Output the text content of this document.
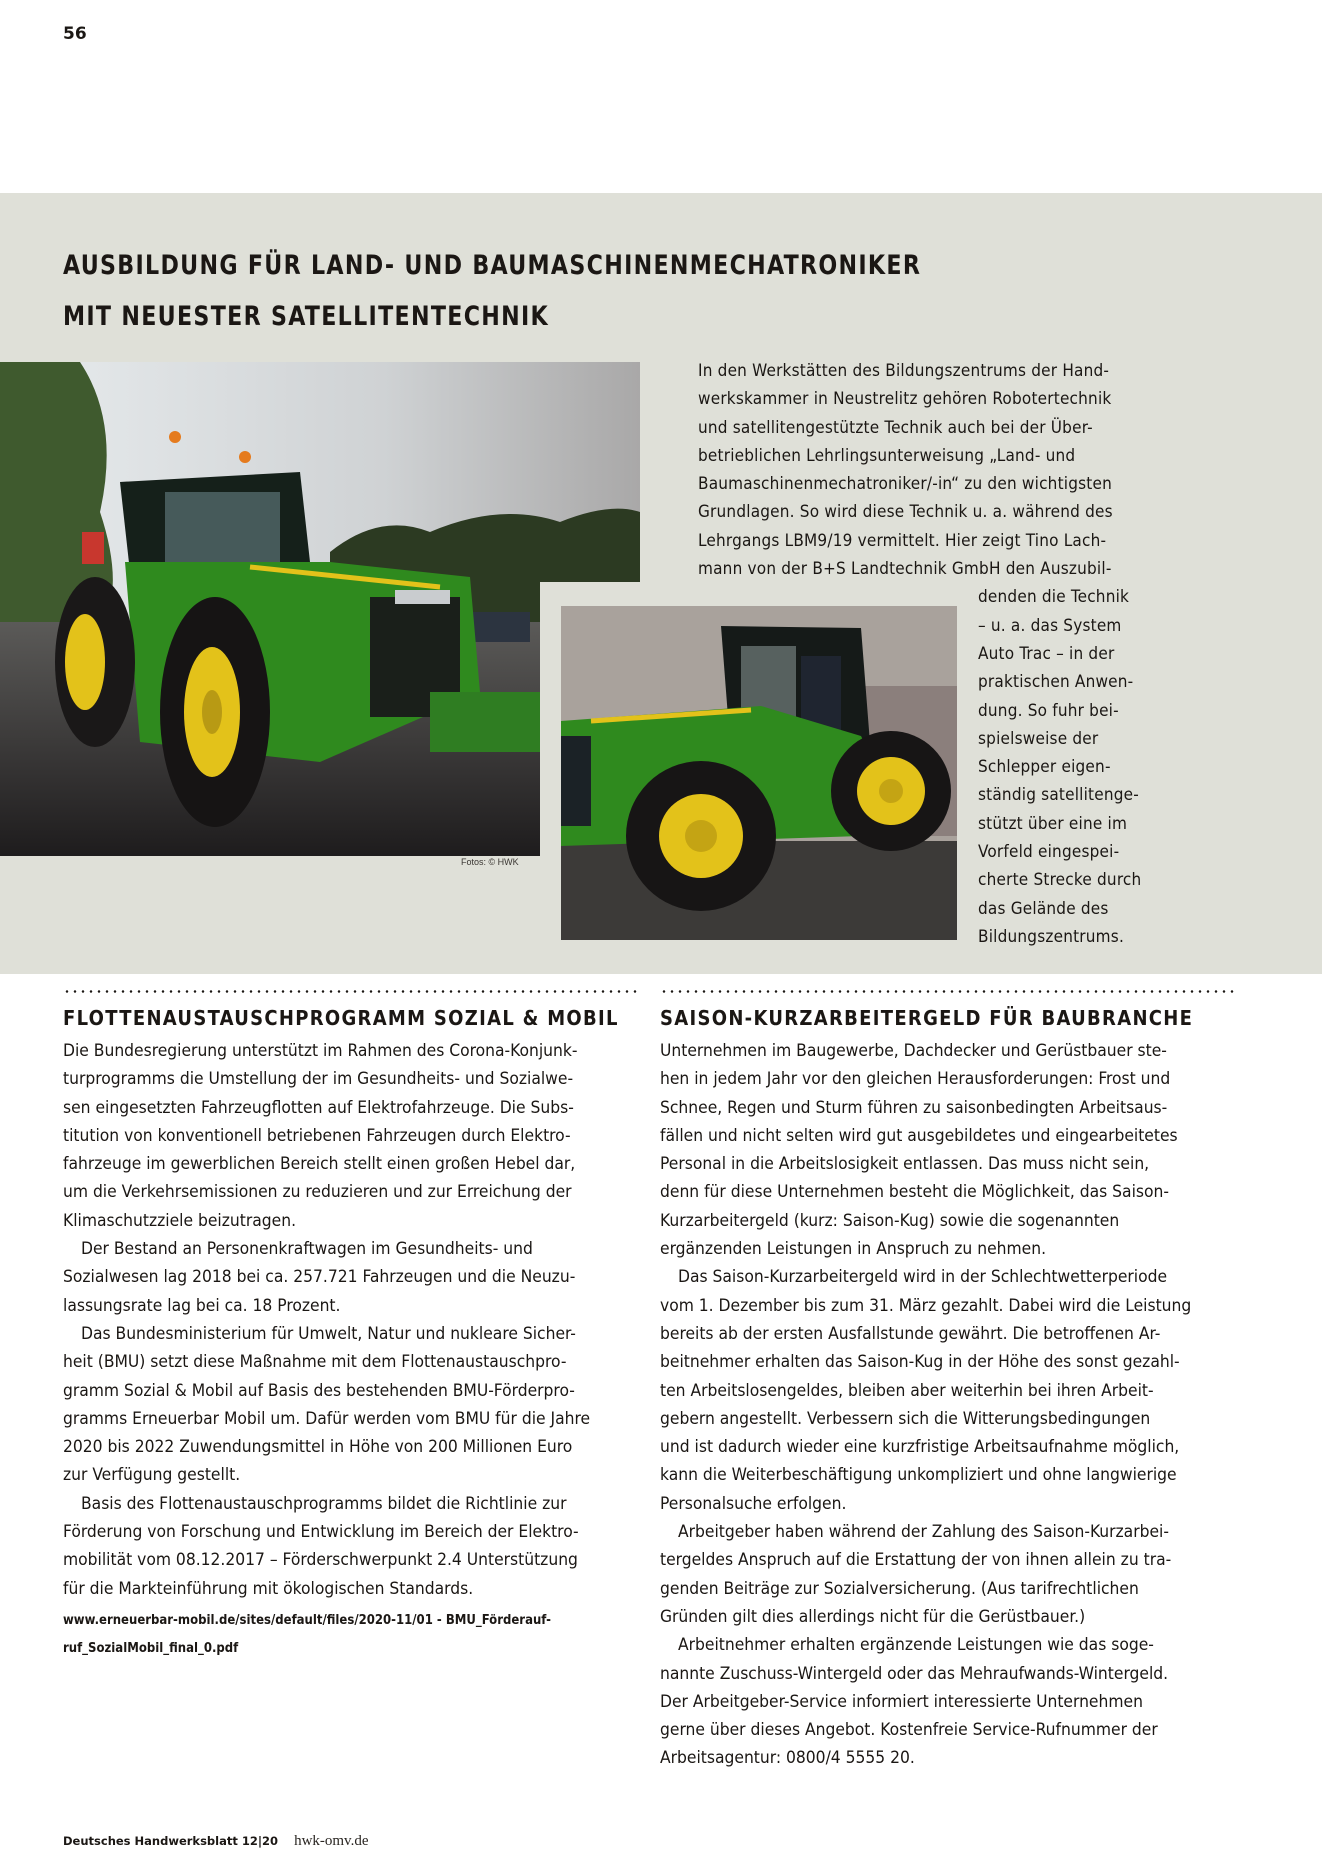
56
AUSBILDUNG FÜR LAND- UND BAUMASCHINENMECHATRONIKER
MIT NEUESTER SATELLITENTECHNIK
Fotos: © HWK
In den Werkstätten des Bildungszentrums der Hand-
werkskammer in Neustrelitz gehören Robotertechnik
und satellitengestützte Technik auch bei der Über-
betrieblichen Lehrlingsunterweisung „Land- und
Baumaschinenmechatroniker/-in“ zu den wichtigsten
Grundlagen. So wird diese Technik u. a. während des
Lehrgangs LBM9/19 vermittelt. Hier zeigt Tino Lach-
mann von der B+S Landtechnik GmbH den Auszubil-
denden die Technik
– u. a. das System
Auto Trac – in der
praktischen Anwen-
dung. So fuhr bei-
spielsweise der
Schlepper eigen-
ständig satellitenge-
stützt über eine im
Vorfeld eingespei-
cherte Strecke durch
das Gelände des
Bildungszentrums.
FLOTTENAUSTAUSCHPROGRAMM SOZIAL & MOBIL

Die Bundesregierung unterstützt im Rahmen des Corona-Konjunk-
turprogramms die Umstellung der im Gesundheits- und Sozialwe-
sen eingesetzten Fahrzeugflotten auf Elektrofahrzeuge. Die Subs-
titution von konventionell betriebenen Fahrzeugen durch Elektro-
fahrzeuge im gewerblichen Bereich stellt einen großen Hebel dar,
um die Verkehrsemissionen zu reduzieren und zur Erreichung der
Klimaschutzziele beizutragen.

Der Bestand an Personenkraftwagen im Gesundheits- und
Sozialwesen lag 2018 bei ca. 257.721 Fahrzeugen und die Neuzu-
lassungsrate lag bei ca. 18 Prozent.

Das Bundesministerium für Umwelt, Natur und nukleare Sicher-
heit (BMU) setzt diese Maßnahme mit dem Flottenaustauschpro-
gramm Sozial & Mobil auf Basis des bestehenden BMU-Förderpro-
gramms Erneuerbar Mobil um. Dafür werden vom BMU für die Jahre
2020 bis 2022 Zuwendungsmittel in Höhe von 200 Millionen Euro
zur Verfügung gestellt.

Basis des Flottenaustauschprogramms bildet die Richtlinie zur
Förderung von Forschung und Entwicklung im Bereich der Elektro-
mobilität vom 08.12.2017 – Förderschwerpunkt 2.4 Unterstützung
für die Markteinführung mit ökologischen Standards.

www.erneuerbar-mobil.de/sites/default/files/2020-11/01 - BMU_Förderauf-
ruf_SozialMobil_final_0.pdf
SAISON-KURZARBEITERGELD FÜR BAUBRANCHE

Unternehmen im Baugewerbe, Dachdecker und Gerüstbauer ste-
hen in jedem Jahr vor den gleichen Herausforderungen: Frost und
Schnee, Regen und Sturm führen zu saisonbedingten Arbeitsaus-
fällen und nicht selten wird gut ausgebildetes und eingearbeitetes
Personal in die Arbeitslosigkeit entlassen. Das muss nicht sein,
denn für diese Unternehmen besteht die Möglichkeit, das Saison-
Kurzarbeitergeld (kurz: Saison-Kug) sowie die sogenannten
ergänzenden Leistungen in Anspruch zu nehmen.

Das Saison-Kurzarbeitergeld wird in der Schlechtwetterperiode
vom 1. Dezember bis zum 31. März gezahlt. Dabei wird die Leistung
bereits ab der ersten Ausfallstunde gewährt. Die betroffenen Ar-
beitnehmer erhalten das Saison-Kug in der Höhe des sonst gezahl-
ten Arbeitslosengeldes, bleiben aber weiterhin bei ihren Arbeit-
gebern angestellt. Verbessern sich die Witterungsbedingungen
und ist dadurch wieder eine kurzfristige Arbeitsaufnahme möglich,
kann die Weiterbeschäftigung unkompliziert und ohne langwierige
Personalsuche erfolgen.

Arbeitgeber haben während der Zahlung des Saison-Kurzarbei-
tergeldes Anspruch auf die Erstattung der von ihnen allein zu tra-
genden Beiträge zur Sozialversicherung. (Aus tarifrechtlichen
Gründen gilt dies allerdings nicht für die Gerüstbauer.)

Arbeitnehmer erhalten ergänzende Leistungen wie das soge-
nannte Zuschuss-Wintergeld oder das Mehraufwands-Wintergeld.
Der Arbeitgeber-Service informiert interessierte Unternehmen
gerne über dieses Angebot. Kostenfreie Service-Rufnummer der
Arbeitsagentur: 0800/4 5555 20.

Deutsches Handwerksblatt 12|20 hwk-omv.de
